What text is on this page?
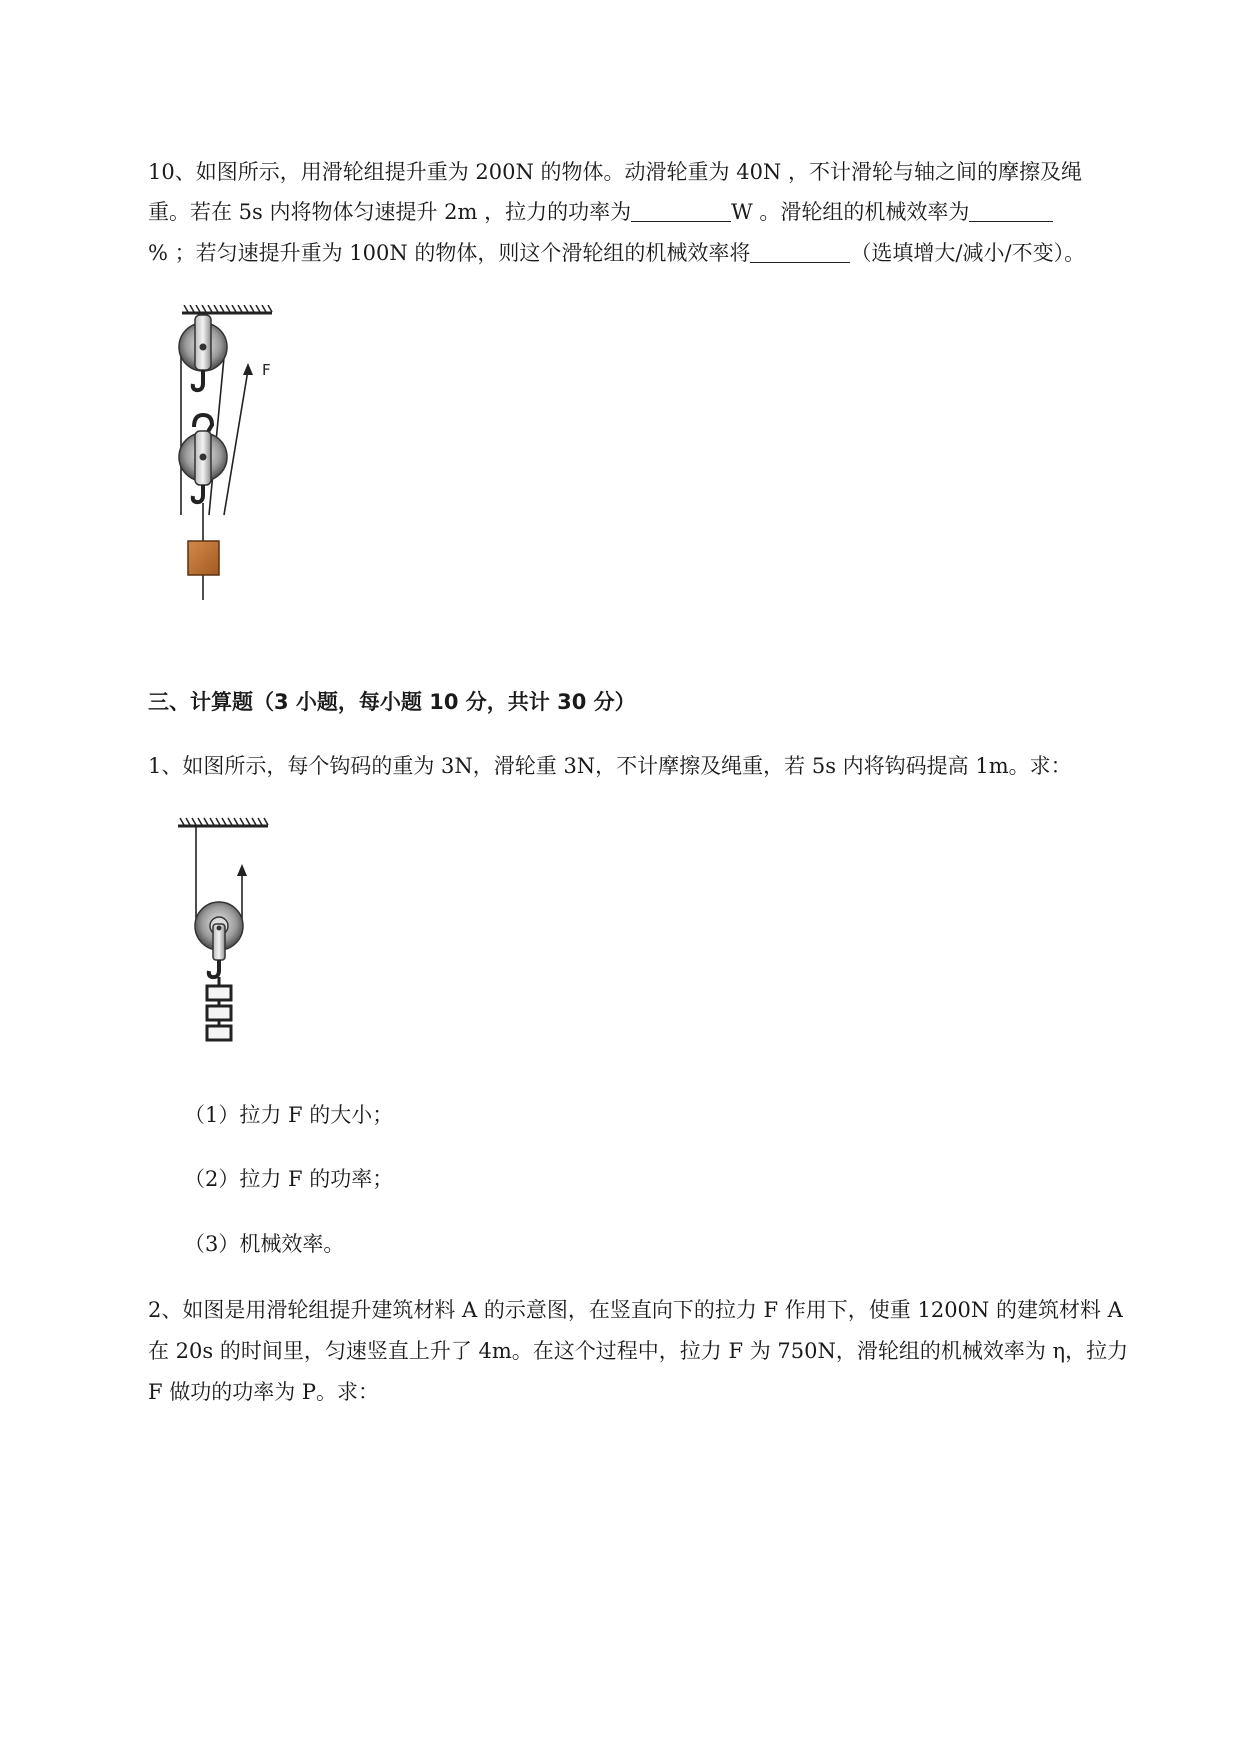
10、如图所示，用滑轮组提升重为 200N 的物体。动滑轮重为 40N ，不计滑轮与轴之间的摩擦及绳
重。若在 5s 内将物体匀速提升 2m ，拉力的功率为	W 。滑轮组的机械效率为
% ；若匀速提升重为 100N 的物体，则这个滑轮组的机械效率将	（选填增大/减小/不变）。
F
三、计算题（3 小题，每小题 10 分，共计 30 分）
1、如图所示，每个钩码的重为 3N，滑轮重 3N，不计摩擦及绳重，若 5s 内将钩码提高 1m。求：
（1）拉力 F 的大小；
（2）拉力 F 的功率；
（3）机械效率。
2、如图是用滑轮组提升建筑材料 A 的示意图，在竖直向下的拉力 F 作用下，使重 1200N 的建筑材料 A
在 20s 的时间里，匀速竖直上升了 4m。在这个过程中，拉力 F 为 750N，滑轮组的机械效率为 η，拉力
F 做功的功率为 P。求：
